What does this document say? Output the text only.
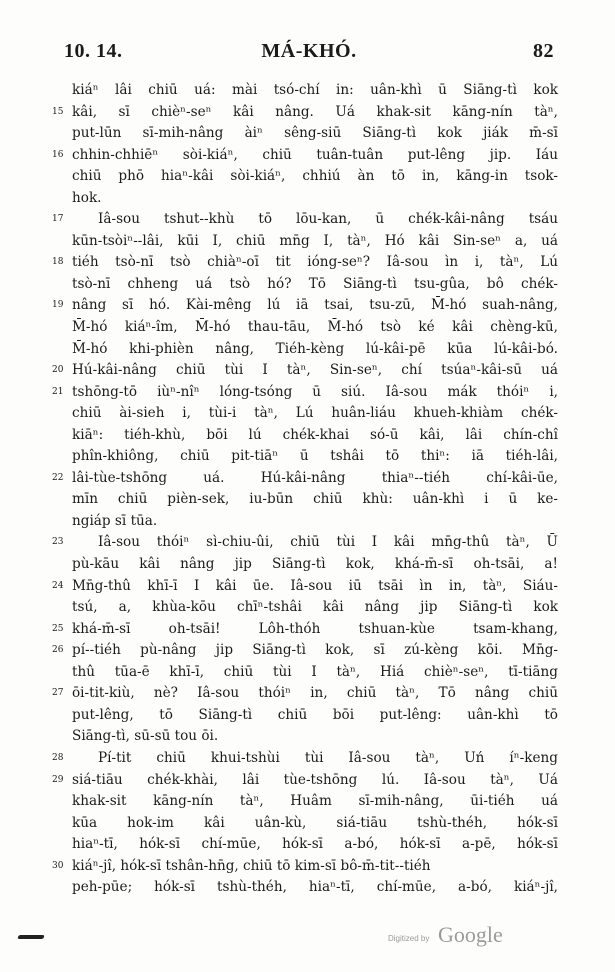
10. 14.	MÁ-KHÓ.	82
kiáⁿ lâi chiū uá: mài tsó-chí in: uân-khì ū Siāng-tì kok
15 kâi, sī chièⁿ-seⁿ kâi nâng. Uá khak-sit kāng-nín tàⁿ,
put-lūn sī-mih-nâng àiⁿ sêng-siū Siāng-tì kok jiák m̄-sī
16 chhin-chhiēⁿ sòi-kiáⁿ, chiū tuân-tuân put-lêng jip. Iáu
chiū phō hiaⁿ-kâi sòi-kiáⁿ, chhiú àn tō in, kāng-in tsok-
hok.
17	Iâ-sou tshut--khù tō lōu-kan, ū chék-kâi-nâng tsáu
kūn-tsòiⁿ--lâi, kūi I, chiū mn̄g I, tàⁿ, Hó kâi Sin-seⁿ a, uá
18 tiéh tsò-nī tsò chiàⁿ-oī tit ióng-seⁿ? Iâ-sou ìn i, tàⁿ, Lú
tsò-nī chheng uá tsò hó? Tō Siāng-tì tsu-gûa, bô chék-
19 nâng sī hó. Kài-mêng lú iā tsai, tsu-zū, M̄-hó suah-nâng,
M̄-hó kiáⁿ-îm, M̄-hó thau-tāu, M̄-hó tsò ké kâi chèng-kū,
M̄-hó khi-phièn nâng, Tiéh-kèng lú-kâi-pē kūa lú-kâi-bó.
20 Hú-kâi-nâng chiū tùi I tàⁿ, Sin-seⁿ, chí tsúaⁿ-kâi-sū uá
21 tshōng-tō iùⁿ-nîⁿ lóng-tsóng ū siú. Iâ-sou mák thóiⁿ i,
chiū ài-sieh i, tùi-i tàⁿ, Lú huân-liáu khueh-khiàm chék-
kiāⁿ: tiéh-khù, bōi lú chék-khai só-ū kâi, lâi chín-chî
phîn-khiông, chiū pit-tiāⁿ ū tshâi tō thiⁿ: iā tiéh-lâi,
22 lâi-tùe-tshōng uá. Hú-kâi-nâng thiaⁿ--tiéh chí-kâi-ūe,
mīn chiū pièn-sek, iu-būn chiū khù: uân-khì i ū ke-
ngiáp sī tūa.
23	Iâ-sou thóiⁿ sì-chiu-ûi, chiū tùi I kâi mn̄g-thû tàⁿ, Ū
pù-kāu kâi nâng jip Siāng-tì kok, khá-m̄-sī oh-tsāi, a!
24 Mn̄g-thû khī-ī I kâi ūe. Iâ-sou iū tsāi ìn in, tàⁿ, Siáu-
tsú, a, khùa-kōu chīⁿ-tshâi kâi nâng jip Siāng-tì kok
25 khá-m̄-sī oh-tsāi! Lôh-thóh tshuan-kùe tsam-khang,
26 pí--tiéh pù-nâng jip Siāng-tì kok, sī zú-kèng kōi. Mn̄g-
thû tūa-ē khī-ī, chiū tùi I tàⁿ, Hiá chièⁿ-seⁿ, tī-tiāng
27 ōi-tit-kiù, nè? Iâ-sou thóiⁿ in, chiū tàⁿ, Tō nâng chiū
put-lêng, tō Siāng-tì chiū bōi put-lêng: uân-khì tō
Siāng-tì, sū-sū tou ōi.
28	Pí-tit chiū khui-tshùi tùi Iâ-sou tàⁿ, Uń íⁿ-keng
29 siá-tiāu chék-khài, lâi tùe-tshōng lú. Iâ-sou tàⁿ, Uá
khak-sit kāng-nín tàⁿ, Huâm sī-mih-nâng, ūi-tiéh uá
kūa hok-im kâi uân-kù, siá-tiāu tshù-théh, hók-sī
hiaⁿ-tī, hók-sī chí-mūe, hók-sī a-bó, hók-sī a-pē, hók-sī
30 kiáⁿ-jî, hók-sī tshân-hn̄g, chiū tō kim-sī bô-m̄-tit--tiéh
peh-pūe; hók-sī tshù-théh, hiaⁿ-tī, chí-mūe, a-bó, kiáⁿ-jî,
Digitized by Google
